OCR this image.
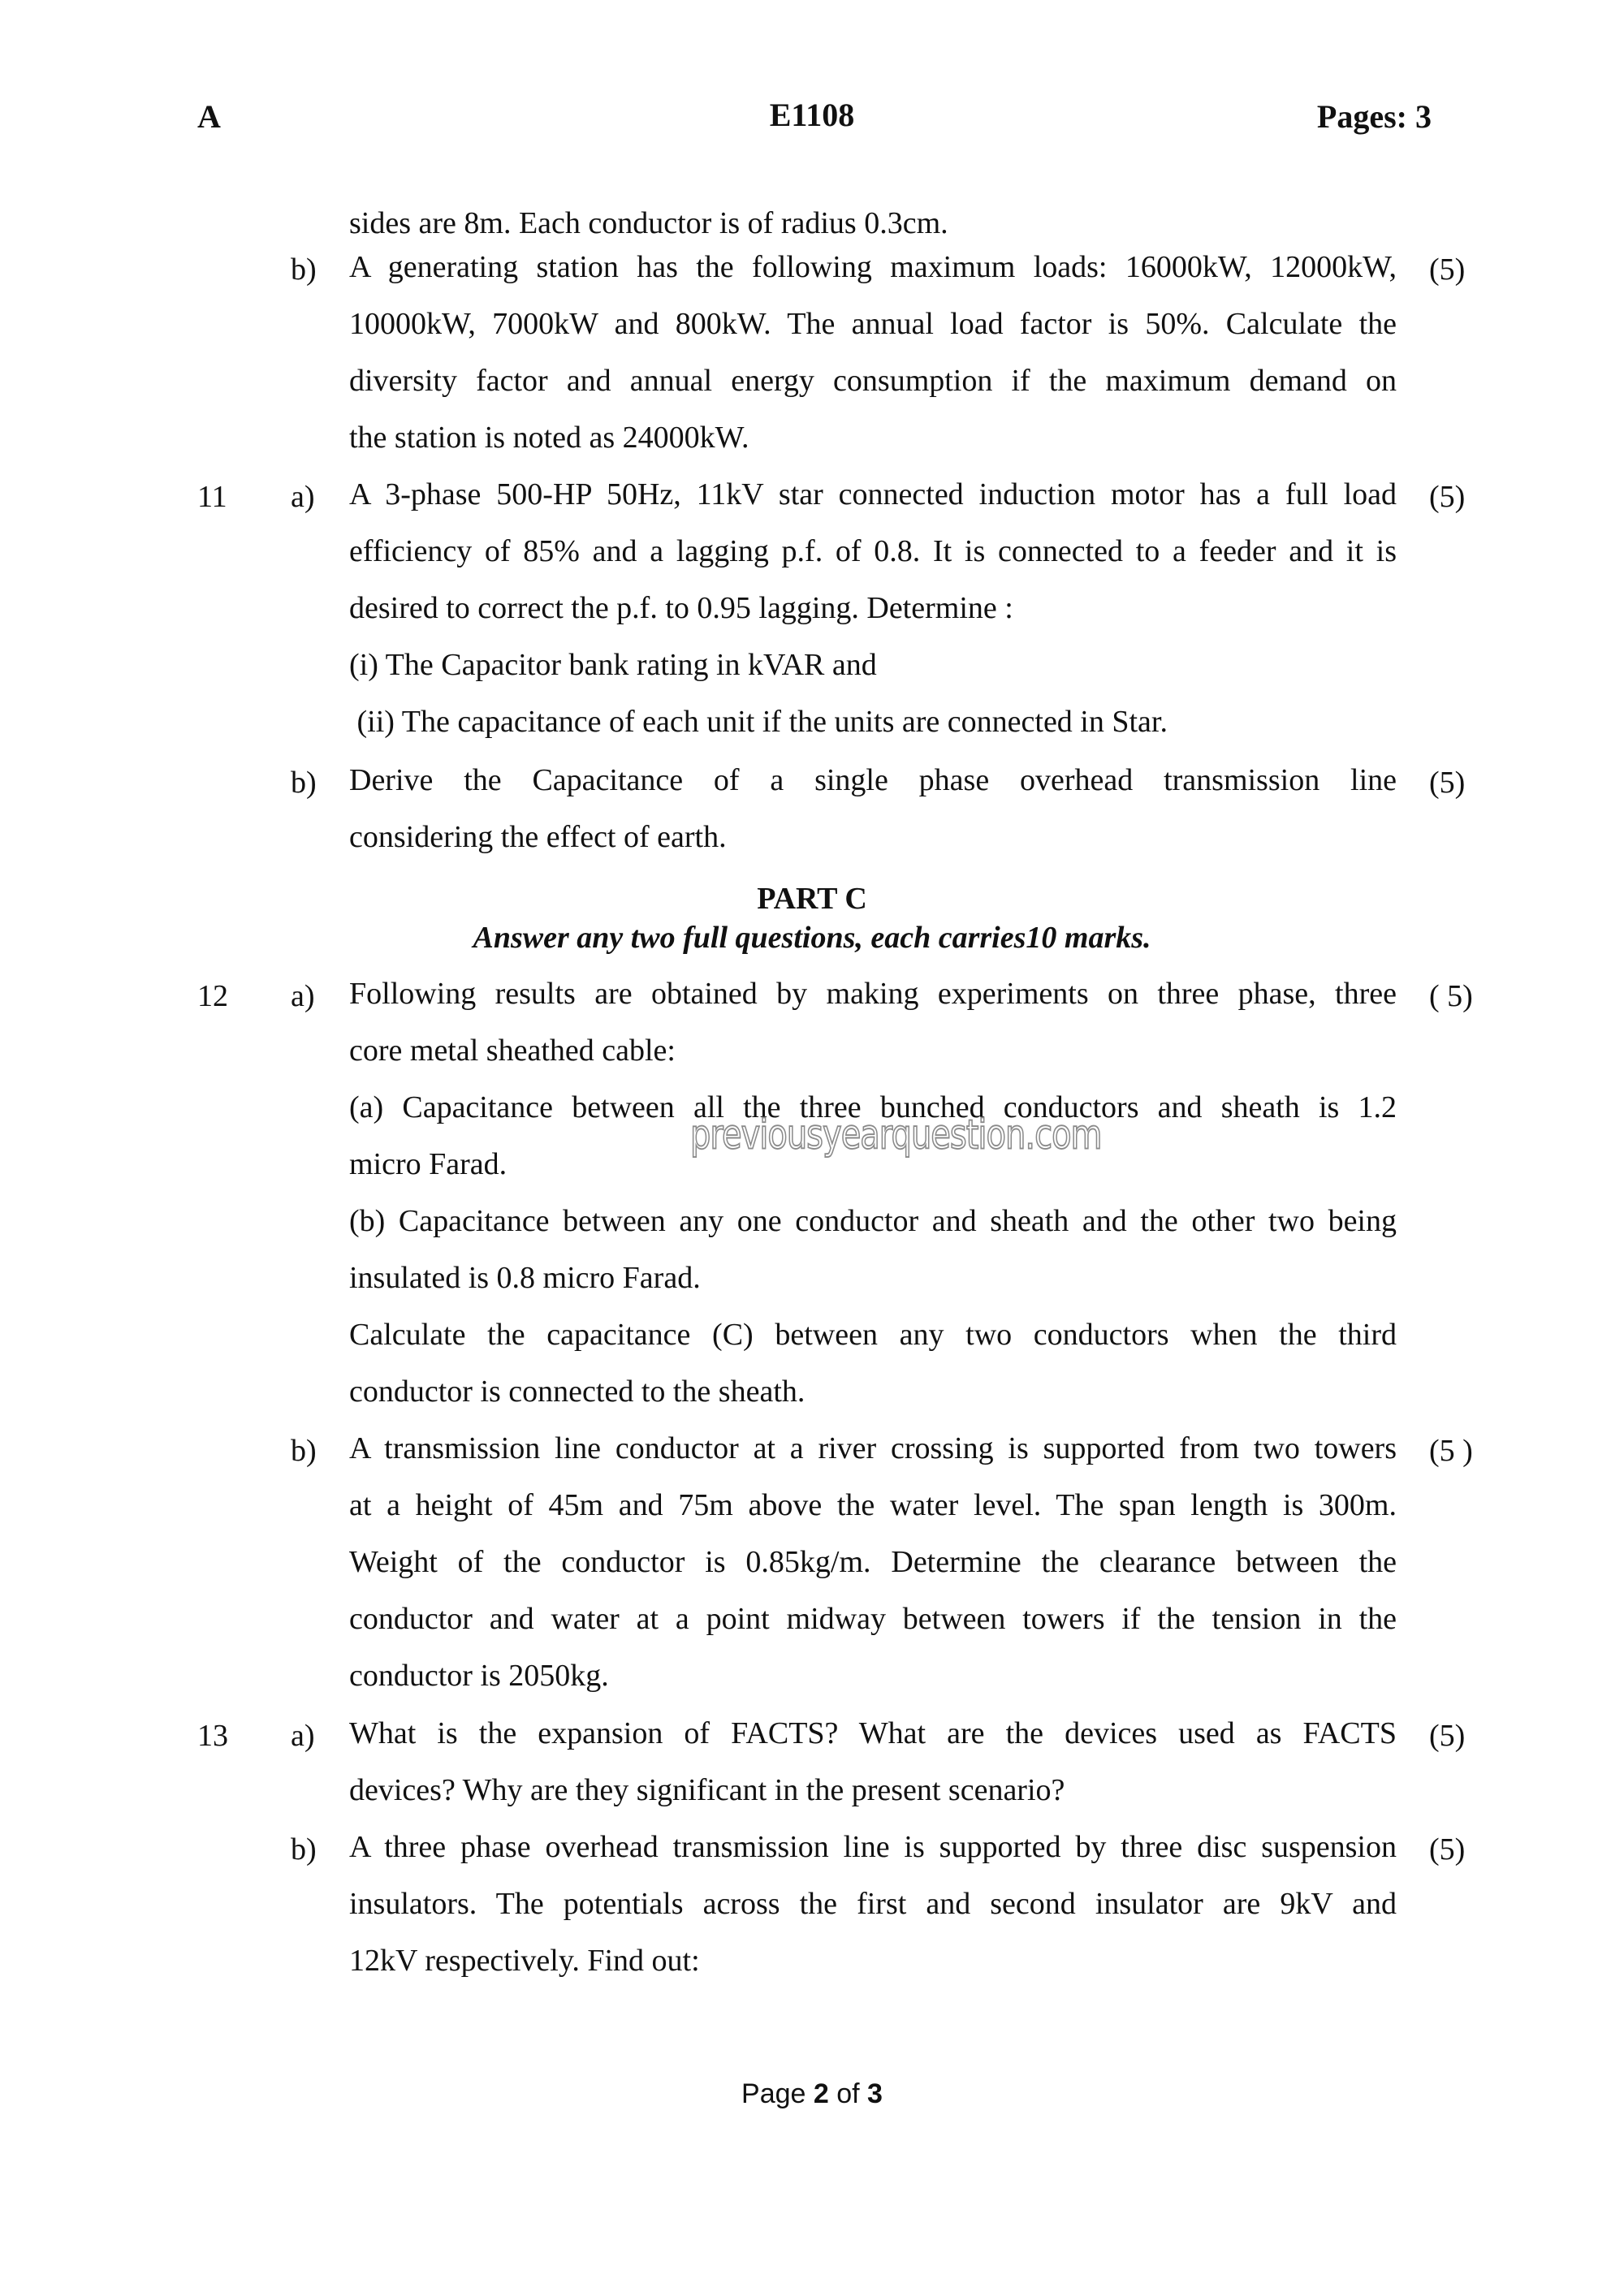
A	E1108	Pages: 3
sides are 8m. Each conductor is of radius 0.3cm.
b) A generating station has the following maximum loads: 16000kW, 12000kW,
10000kW, 7000kW and 800kW. The annual load factor is 50%. Calculate the
diversity factor and annual energy consumption if the maximum demand on
the station is noted as 24000kW.
(5)
11 a) A 3-phase 500-HP 50Hz, 11kV star connected induction motor has a full load
efficiency of 85% and a lagging p.f. of 0.8. It is connected to a feeder and it is
desired to correct the p.f. to 0.95 lagging. Determine :
(i) The Capacitor bank rating in kVAR and
(ii) The capacitance of each unit if the units are connected in Star.
(5)
b) Derive the Capacitance of a single phase overhead transmission line
considering the effect of earth.
(5)
PART C
Answer any two full questions, each carries10 marks.
12 a) Following results are obtained by making experiments on three phase, three
core metal sheathed cable:
(a) Capacitance between all the three bunched conductors and sheath is 1.2
micro Farad.
(b) Capacitance between any one conductor and sheath and the other two being
insulated is 0.8 micro Farad.
Calculate the capacitance (C) between any two conductors when the third
conductor is connected to the sheath.
( 5)
b) A transmission line conductor at a river crossing is supported from two towers
at a height of 45m and 75m above the water level. The span length is 300m.
Weight of the conductor is 0.85kg/m. Determine the clearance between the
conductor and water at a point midway between towers if the tension in the
conductor is 2050kg.
(5 )
13 a) What is the expansion of FACTS? What are the devices used as FACTS
devices? Why are they significant in the present scenario?
(5)
b) A three phase overhead transmission line is supported by three disc suspension
insulators. The potentials across the first and second insulator are 9kV and
12kV respectively. Find out:
(5)
previousyearquestion.com
Page 2 of 3
